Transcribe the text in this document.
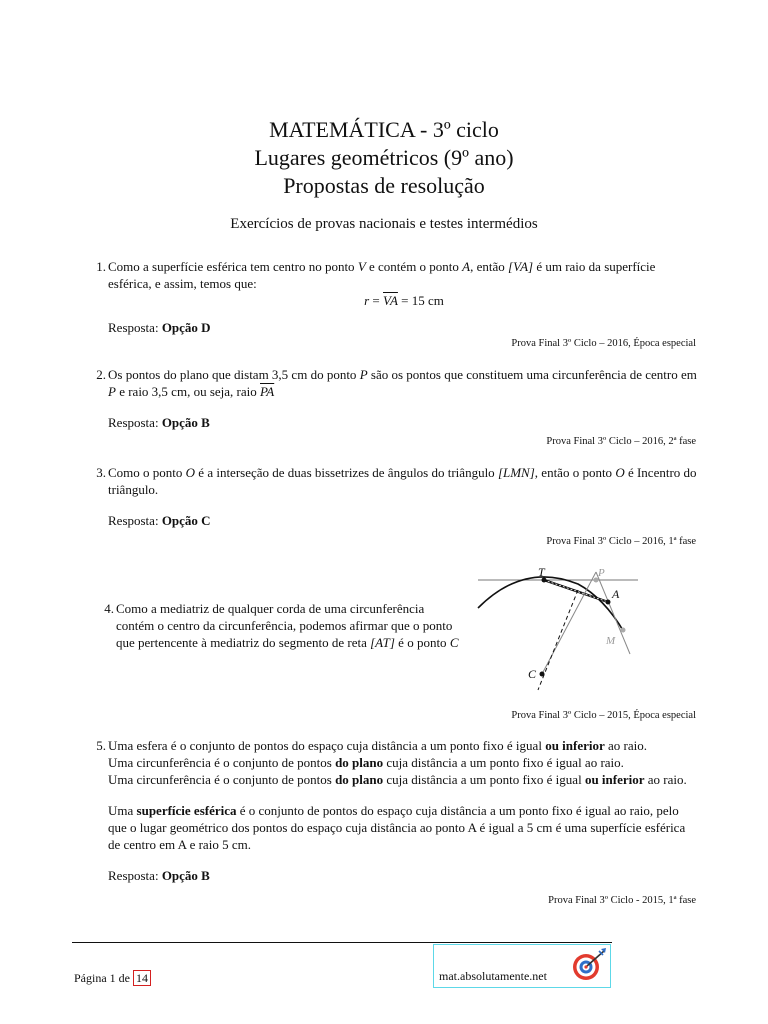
MATEMÁTICA - 3º ciclo
Lugares geométricos (9º ano)
Propostas de resolução
Exercícios de provas nacionais e testes intermédios
1. Como a superfície esférica tem centro no ponto V e contém o ponto A, então [VA] é um raio da superfície esférica, e assim, temos que:
$r = \overline{VA} = 15$ cm
Resposta: Opção D
Prova Final 3º Ciclo – 2016, Época especial
2. Os pontos do plano que distam 3,5 cm do ponto P são os pontos que constituem uma circunferência de centro em P e raio 3,5 cm, ou seja, raio $\overline{PA}$
Resposta: Opção B
Prova Final 3º Ciclo – 2016, 2ª fase
3. Como o ponto O é a interseção de duas bissetrizes de ângulos do triângulo [LMN], então o ponto O é Incentro do triângulo.
Resposta: Opção C
Prova Final 3º Ciclo – 2016, 1ª fase
4. Como a mediatriz de qualquer corda de uma circunferência contém o centro da circunferência, podemos afirmar que o ponto que pertencente à mediatriz do segmento de reta [AT] é o ponto C
T	P
A
M
C
Prova Final 3º Ciclo – 2015, Época especial
5. Uma esfera é o conjunto de pontos do espaço cuja distância a um ponto fixo é igual ou inferior ao raio.
Uma circunferência é o conjunto de pontos do plano cuja distância a um ponto fixo é igual ao raio.
Uma circunferência é o conjunto de pontos do plano cuja distância a um ponto fixo é igual ou inferior ao raio.
Uma superfície esférica é o conjunto de pontos do espaço cuja distância a um ponto fixo é igual ao raio, pelo que o lugar geométrico dos pontos do espaço cuja distância ao ponto A é igual a 5 cm é uma superfície esférica de centro em A e raio 5 cm.
Resposta: Opção B
Prova Final 3º Ciclo - 2015, 1ª fase
Página 1 de 14	mat.absolutamente.net
